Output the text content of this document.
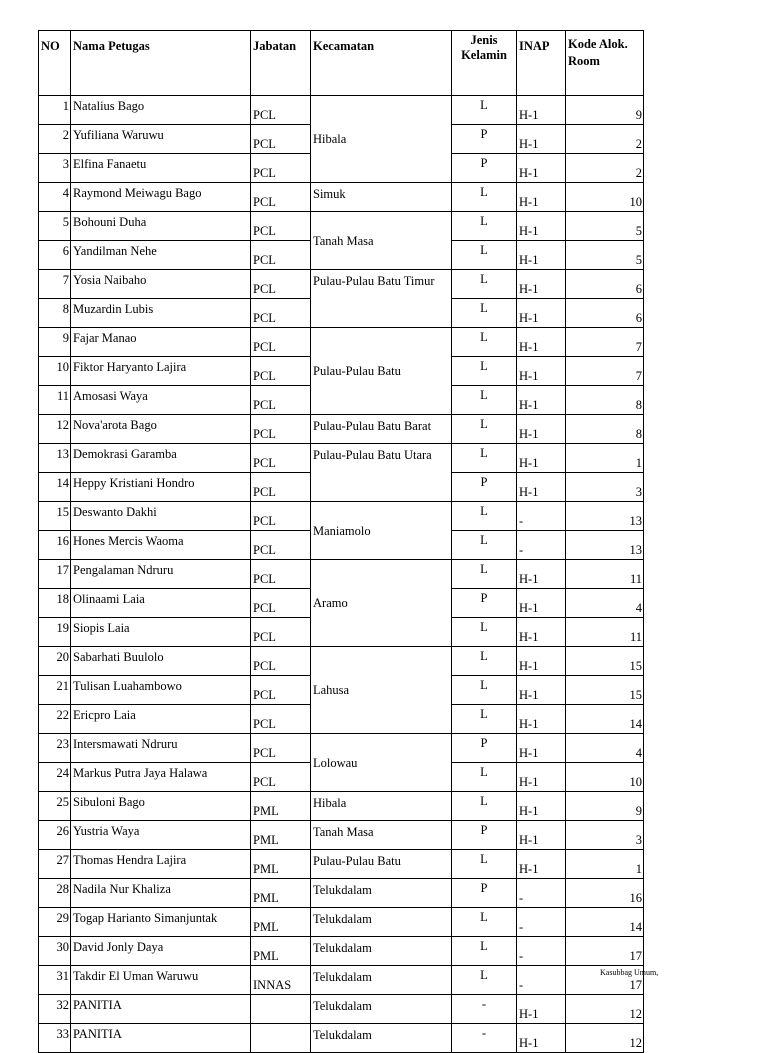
NO	Nama Petugas	Jabatan	Kecamatan	Jenis Kelamin	INAP	Kode Alok. Room
1	Natalius Bago	PCL	Hibala	L	H-1	9
2	Yufiliana Waruwu	PCL		P	H-1	2
3	Elfina Fanaetu	PCL		P	H-1	2
4	Raymond Meiwagu Bago	PCL	Simuk	L	H-1	10
5	Bohouni Duha	PCL	Tanah Masa	L	H-1	5
6	Yandilman Nehe	PCL		L	H-1	5
7	Yosia Naibaho	PCL	Pulau-Pulau Batu Timur	L	H-1	6
8	Muzardin Lubis	PCL		L	H-1	6
9	Fajar Manao	PCL	Pulau-Pulau Batu	L	H-1	7
10	Fiktor Haryanto Lajira	PCL		L	H-1	7
11	Amosasi Waya	PCL		L	H-1	8
12	Nova'arota Bago	PCL	Pulau-Pulau Batu Barat	L	H-1	8
13	Demokrasi Garamba	PCL	Pulau-Pulau Batu Utara	L	H-1	1
14	Heppy Kristiani Hondro	PCL		P	H-1	3
15	Deswanto Dakhi	PCL	Maniamolo	L	-	13
16	Hones Mercis Waoma	PCL		L	-	13
17	Pengalaman Ndruru	PCL	Aramo	L	H-1	11
18	Olinaami Laia	PCL		P	H-1	4
19	Siopis Laia	PCL		L	H-1	11
20	Sabarhati Buulolo	PCL	Lahusa	L	H-1	15
21	Tulisan Luahambowo	PCL		L	H-1	15
22	Ericpro Laia	PCL		L	H-1	14
23	Intersmawati Ndruru	PCL	Lolowau	P	H-1	4
24	Markus Putra Jaya Halawa	PCL		L	H-1	10
25	Sibuloni Bago	PML	Hibala	L	H-1	9
26	Yustria Waya	PML	Tanah Masa	P	H-1	3
27	Thomas Hendra Lajira	PML	Pulau-Pulau Batu	L	H-1	1
28	Nadila Nur Khaliza	PML	Telukdalam	P	-	16
29	Togap Harianto Simanjuntak	PML	Telukdalam	L	-	14
30	David Jonly Daya	PML	Telukdalam	L	-	17
31	Takdir El Uman Waruwu	INNAS	Telukdalam	L	-	17
32	PANITIA		Telukdalam	-	H-1	12
33	PANITIA		Telukdalam	-	H-1	12
Kasubbag Umum,
